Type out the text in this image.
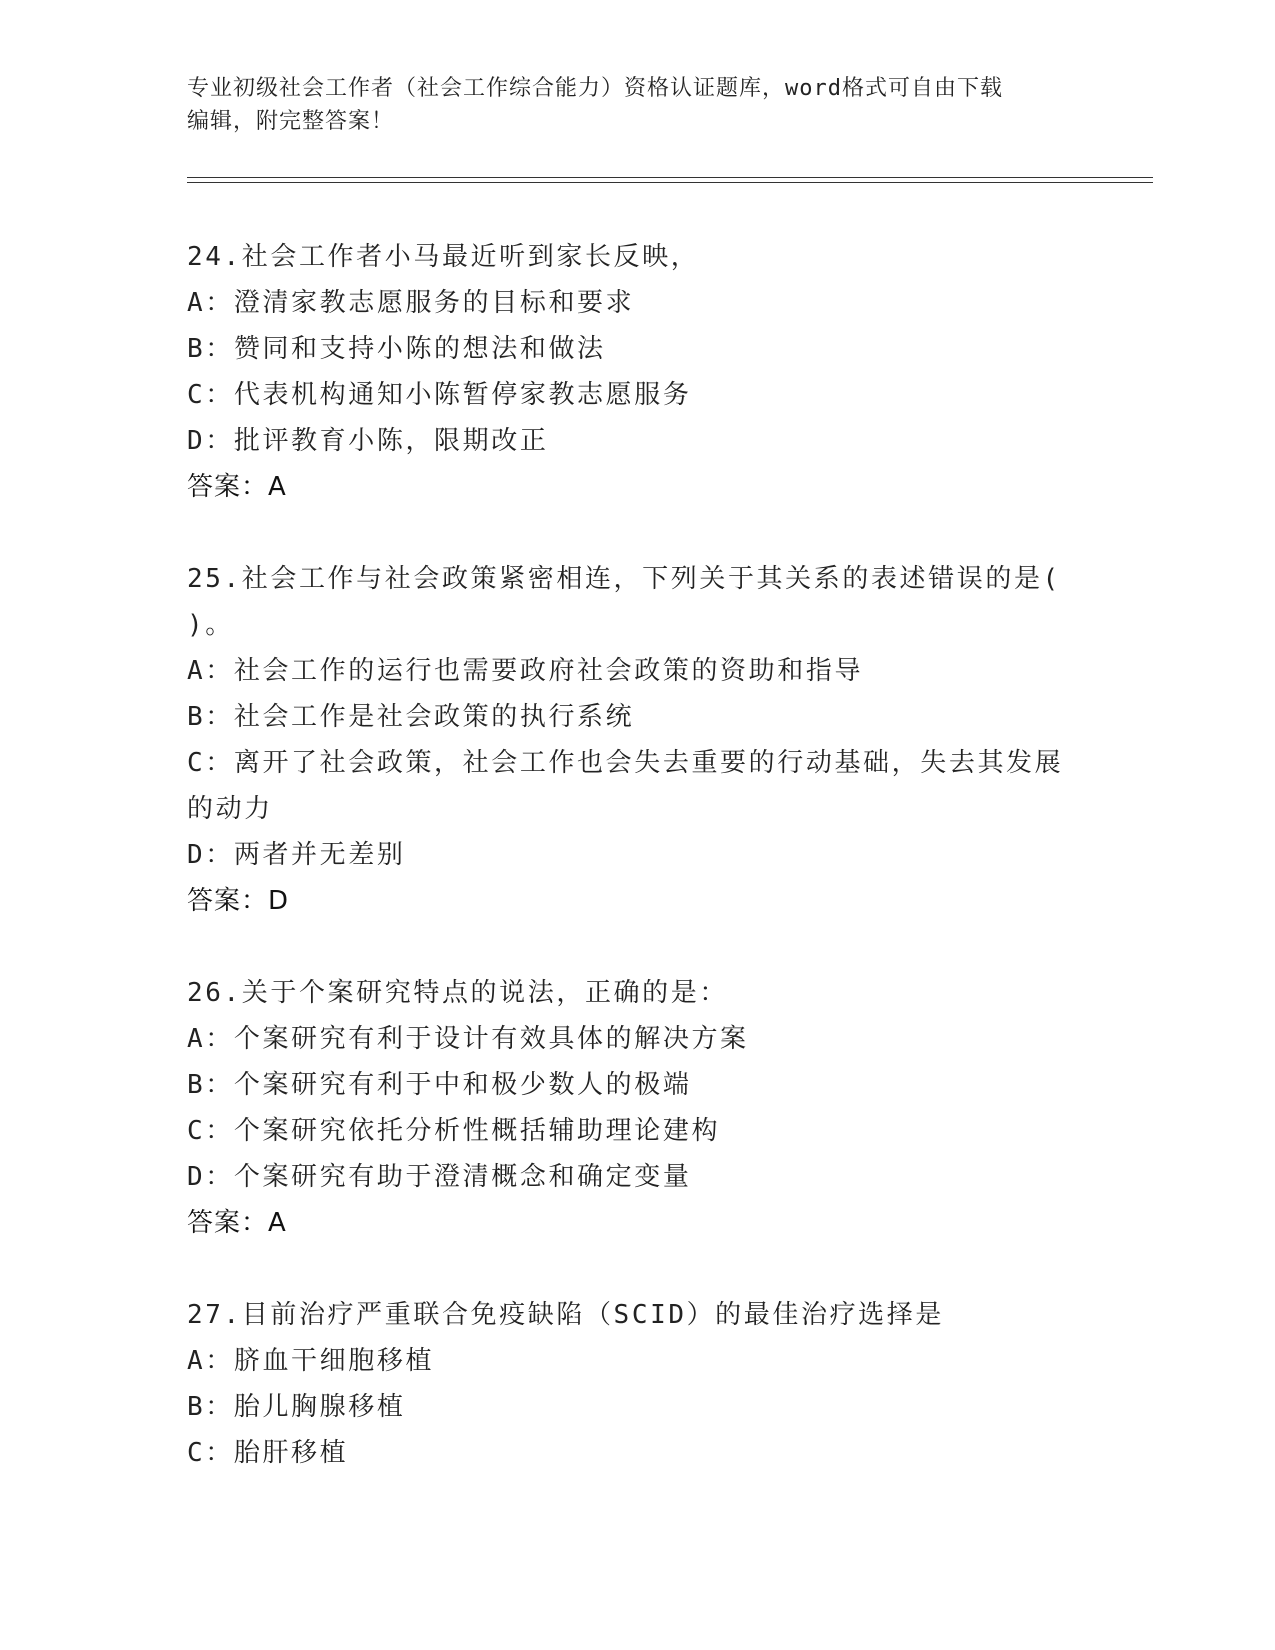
专业初级社会工作者（社会工作综合能力）资格认证题库，word格式可自由下载
编辑，附完整答案！
24.社会工作者小马最近听到家长反映，
A：澄清家教志愿服务的目标和要求
B：赞同和支持小陈的想法和做法
C：代表机构通知小陈暂停家教志愿服务
D：批评教育小陈，限期改正
答案：A
25.社会工作与社会政策紧密相连，下列关于其关系的表述错误的是(
)。
A：社会工作的运行也需要政府社会政策的资助和指导
B：社会工作是社会政策的执行系统
C：离开了社会政策，社会工作也会失去重要的行动基础，失去其发展
的动力
D：两者并无差别
答案：D
26.关于个案研究特点的说法，正确的是：
A：个案研究有利于设计有效具体的解决方案
B：个案研究有利于中和极少数人的极端
C：个案研究依托分析性概括辅助理论建构
D：个案研究有助于澄清概念和确定变量
答案：A
27.目前治疗严重联合免疫缺陷（SCID）的最佳治疗选择是
A：脐血干细胞移植
B：胎儿胸腺移植
C：胎肝移植
